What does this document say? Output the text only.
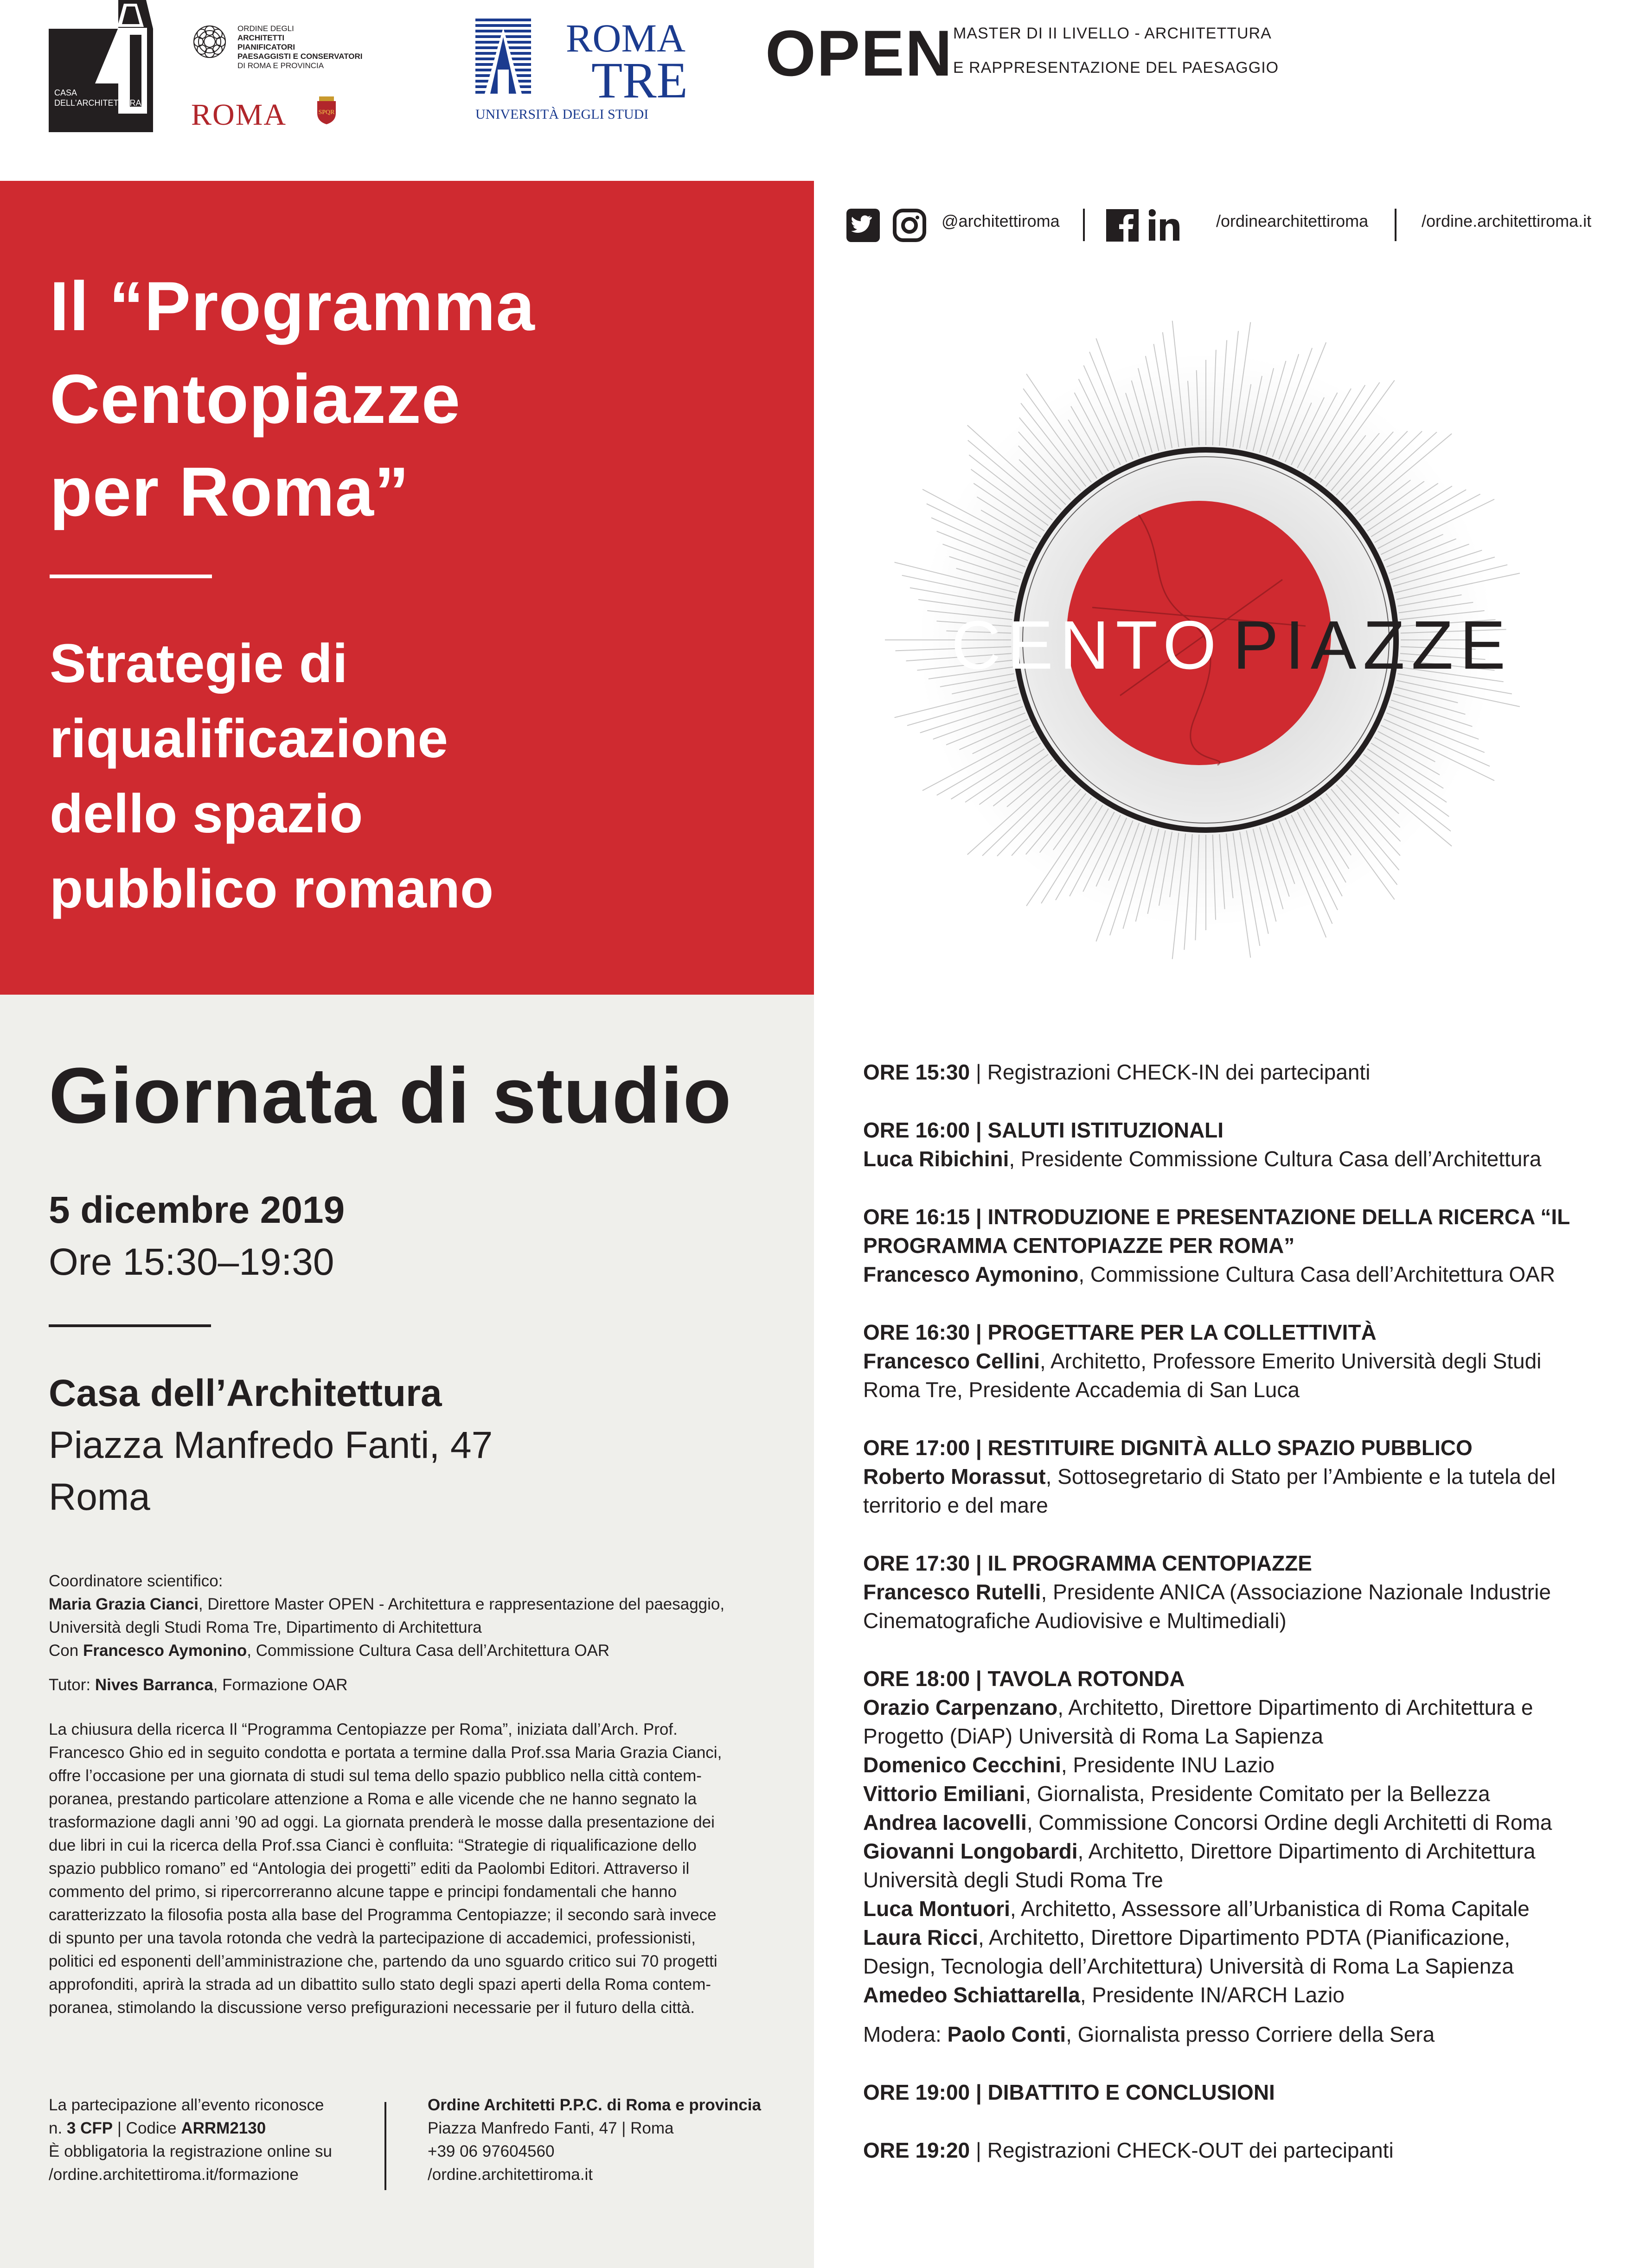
CASA
DELL'ARCHITETTURA
ORDINE DEGLI
ARCHITETTI
PIANIFICATORI
PAESAGGISTI E CONSERVATORI
DI ROMA E PROVINCIA
ROMA	SPQR
ROMA
TRE
UNIVERSITÀ DEGLI STUDI
OPEN MASTER DI II LIVELLO - ARCHITETTURA
E RAPPRESENTAZIONE DEL PAESAGGIO
Il “Programma
Centopiazze
per Roma”
Strategie di
riqualificazione
dello spazio
pubblico romano
@architettiroma	/ordinearchitettiroma	/ordine.architettiroma.it
CENTO PIAZZE
Giornata di studio
5 dicembre 2019
Ore 15:30–19:30
Casa dell’Architettura
Piazza Manfredo Fanti, 47
Roma
Coordinatore scientifico:
Maria Grazia Cianci, Direttore Master OPEN - Architettura e rappresentazione del paesaggio,
Università degli Studi Roma Tre, Dipartimento di Architettura
Con Francesco Aymonino, Commissione Cultura Casa dell’Architettura OAR
Tutor: Nives Barranca, Formazione OAR
La chiusura della ricerca Il “Programma Centopiazze per Roma”, iniziata dall’Arch. Prof.
Francesco Ghio ed in seguito condotta e portata a termine dalla Prof.ssa Maria Grazia Cianci,
offre l’occasione per una giornata di studi sul tema dello spazio pubblico nella città contem-
poranea, prestando particolare attenzione a Roma e alle vicende che ne hanno segnato la
trasformazione dagli anni ’90 ad oggi. La giornata prenderà le mosse dalla presentazione dei
due libri in cui la ricerca della Prof.ssa Cianci è confluita: “Strategie di riqualificazione dello
spazio pubblico romano” ed “Antologia dei progetti” editi da Paolombi Editori. Attraverso il
commento del primo, si ripercorreranno alcune tappe e principi fondamentali che hanno
caratterizzato la filosofia posta alla base del Programma Centopiazze; il secondo sarà invece
di spunto per una tavola rotonda che vedrà la partecipazione di accademici, professionisti,
politici ed esponenti dell’amministrazione che, partendo da uno sguardo critico sui 70 progetti
approfonditi, aprirà la strada ad un dibattito sullo stato degli spazi aperti della Roma contem-
poranea, stimolando la discussione verso prefigurazioni necessarie per il futuro della città.
La partecipazione all’evento riconosce
n. 3 CFP | Codice ARRM2130
È obbligatoria la registrazione online su
/ordine.architettiroma.it/formazione
Ordine Architetti P.P.C. di Roma e provincia
Piazza Manfredo Fanti, 47 | Roma
+39 06 97604560
/ordine.architettiroma.it
ORE 15:30 | Registrazioni CHECK-IN dei partecipanti
ORE 16:00 | SALUTI ISTITUZIONALI
Luca Ribichini, Presidente Commissione Cultura Casa dell’Architettura
ORE 16:15 | INTRODUZIONE E PRESENTAZIONE DELLA RICERCA “IL
PROGRAMMA CENTOPIAZZE PER ROMA”
Francesco Aymonino, Commissione Cultura Casa dell’Architettura OAR
ORE 16:30 | PROGETTARE PER LA COLLETTIVITÀ
Francesco Cellini, Architetto, Professore Emerito Università degli Studi
Roma Tre, Presidente Accademia di San Luca
ORE 17:00 | RESTITUIRE DIGNITÀ ALLO SPAZIO PUBBLICO
Roberto Morassut, Sottosegretario di Stato per l’Ambiente e la tutela del
territorio e del mare
ORE 17:30 | IL PROGRAMMA CENTOPIAZZE
Francesco Rutelli, Presidente ANICA (Associazione Nazionale Industrie
Cinematografiche Audiovisive e Multimediali)
ORE 18:00 | TAVOLA ROTONDA
Orazio Carpenzano, Architetto, Direttore Dipartimento di Architettura e
Progetto (DiAP) Università di Roma La Sapienza
Domenico Cecchini, Presidente INU Lazio
Vittorio Emiliani, Giornalista, Presidente Comitato per la Bellezza
Andrea Iacovelli, Commissione Concorsi Ordine degli Architetti di Roma
Giovanni Longobardi, Architetto, Direttore Dipartimento di Architettura
Università degli Studi Roma Tre
Luca Montuori, Architetto, Assessore all’Urbanistica di Roma Capitale
Laura Ricci, Architetto, Direttore Dipartimento PDTA (Pianificazione,
Design, Tecnologia dell’Architettura) Università di Roma La Sapienza
Amedeo Schiattarella, Presidente IN/ARCH Lazio
Modera: Paolo Conti, Giornalista presso Corriere della Sera
ORE 19:00 | DIBATTITO E CONCLUSIONI
ORE 19:20 | Registrazioni CHECK-OUT dei partecipanti
